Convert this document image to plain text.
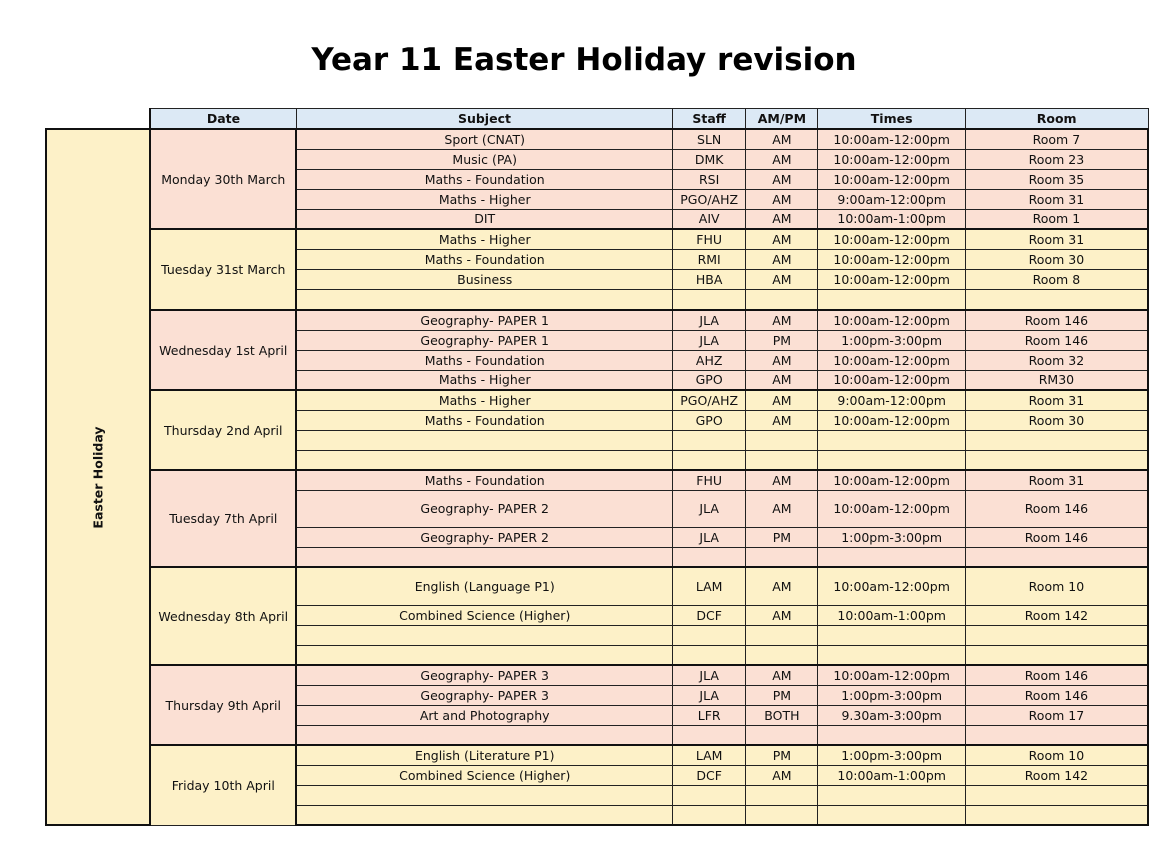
Year 11 Easter Holiday revision
	Date	Subject	Staff	AM/PM	Times	Room
Easter Holiday	Monday 30th March	Sport (CNAT)	SLN	AM	10:00am-12:00pm	Room 7
		Music (PA)	DMK	AM	10:00am-12:00pm	Room 23
		Maths - Foundation	RSI	AM	10:00am-12:00pm	Room 35
		Maths - Higher	PGO/AHZ	AM	9:00am-12:00pm	Room 31
		DIT	AIV	AM	10:00am-1:00pm	Room 1
	Tuesday 31st March	Maths - Higher	FHU	AM	10:00am-12:00pm	Room 31
		Maths - Foundation	RMI	AM	10:00am-12:00pm	Room 30
		Business	HBA	AM	10:00am-12:00pm	Room 8

	Wednesday 1st April	Geography- PAPER 1	JLA	AM	10:00am-12:00pm	Room 146
		Geography- PAPER 1	JLA	PM	1:00pm-3:00pm	Room 146
		Maths - Foundation	AHZ	AM	10:00am-12:00pm	Room 32
		Maths - Higher	GPO	AM	10:00am-12:00pm	RM30
	Thursday 2nd April	Maths - Higher	PGO/AHZ	AM	9:00am-12:00pm	Room 31
		Maths - Foundation	GPO	AM	10:00am-12:00pm	Room 30

	Tuesday 7th April	Maths - Foundation	FHU	AM	10:00am-12:00pm	Room 31
		Geography- PAPER 2	JLA	AM	10:00am-12:00pm	Room 146
		Geography- PAPER 2	JLA	PM	1:00pm-3:00pm	Room 146

	Wednesday 8th April	English (Language P1)	LAM	AM	10:00am-12:00pm	Room 10
		Combined Science (Higher)	DCF	AM	10:00am-1:00pm	Room 142

	Thursday 9th April	Geography- PAPER 3	JLA	AM	10:00am-12:00pm	Room 146
		Geography- PAPER 3	JLA	PM	1:00pm-3:00pm	Room 146
		Art and Photography	LFR	BOTH	9.30am-3:00pm	Room 17

	Friday 10th April	English (Literature P1)	LAM	PM	1:00pm-3:00pm	Room 10
		Combined Science (Higher)	DCF	AM	10:00am-1:00pm	Room 142
